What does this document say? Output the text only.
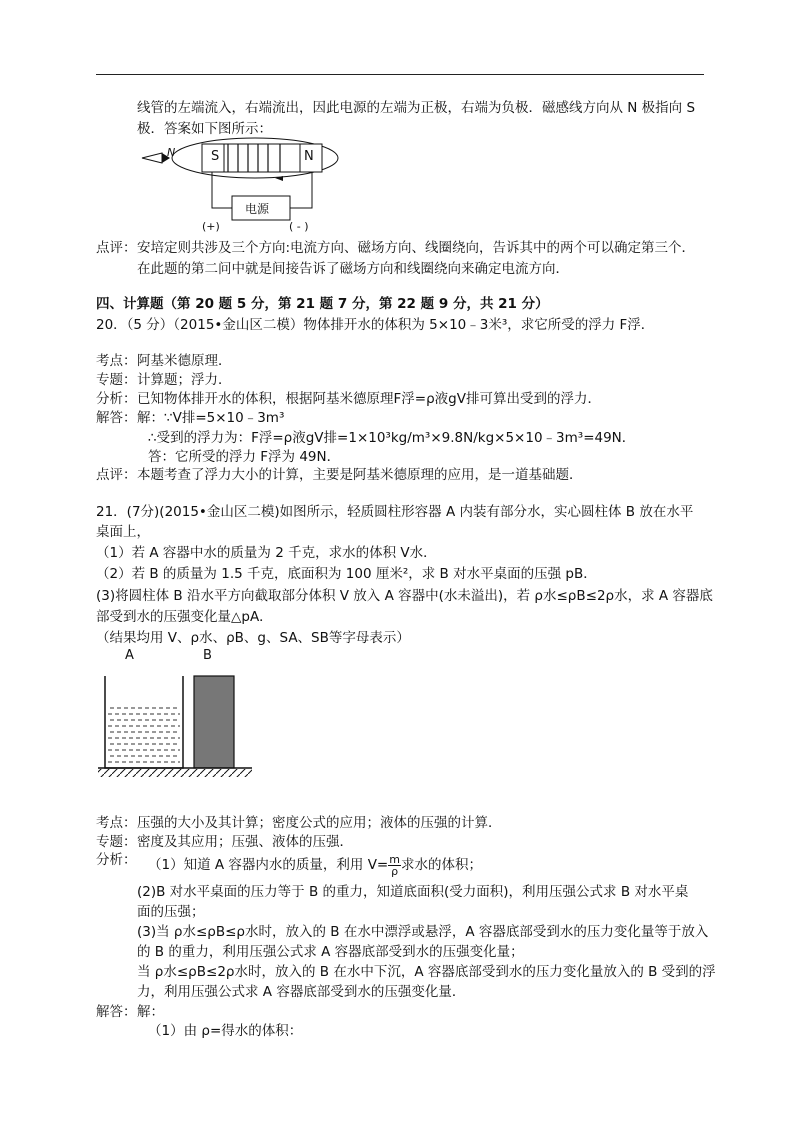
线管的左端流入，右端流出，因此电源的左端为正极，右端为负极．磁感线方向从 N 极指向 S
极．答案如下图所示：
N	S	N
电源
(+)	( - )
点评： 安培定则共涉及三个方向:电流方向、磁场方向、线圈绕向，告诉其中的两个可以确定第三个．
在此题的第二问中就是间接告诉了磁场方向和线圈绕向来确定电流方向．
四、计算题（第 20 题 5 分，第 21 题 7 分，第 22 题 9 分，共 21 分）
20．（5 分）（2015•金山区二模）物体排开水的体积为 5×10﹣3米³，求它所受的浮力 F浮．
考点： 阿基米德原理．
专题： 计算题；浮力．
分析： 已知物体排开水的体积，根据阿基米德原理F浮=ρ液gV排可算出受到的浮力．
解答： 解：∵V排=5×10﹣3m³
∴受到的浮力为：F浮=ρ液gV排=1×10³kg/m³×9.8N/kg×5×10﹣3m³=49N．
答：它所受的浮力 F浮为 49N．
点评： 本题考查了浮力大小的计算，主要是阿基米德原理的应用，是一道基础题．
21．(7分)(2015•金山区二模)如图所示，轻质圆柱形容器 A 内装有部分水，实心圆柱体 B 放在水平
桌面上，
（1）若 A 容器中水的质量为 2 千克，求水的体积 V水．
（2）若 B 的质量为 1.5 千克，底面积为 100 厘米²，求 B 对水平桌面的压强 pB．
(3)将圆柱体 B 沿水平方向截取部分体积 V 放入 A 容器中(水未溢出)，若 ρ水≤ρB≤2ρ水，求 A 容器底
部受到水的压强变化量△pA．
（结果均用 V、ρ水、ρB、g、SA、SB等字母表示）
A	B
考点： 压强的大小及其计算；密度公式的应用；液体的压强的计算．
专题： 密度及其应用；压强、液体的压强．
分析： （1）知道 A 容器内水的质量，利用 $V= \frac{m}{\rho}$ 求水的体积；
(2)B 对水平桌面的压力等于 B 的重力，知道底面积(受力面积)，利用压强公式求 B 对水平桌
面的压强；
(3)当 ρ水≤ρB≤ρ水时，放入的 B 在水中漂浮或悬浮，A 容器底部受到水的压力变化量等于放入
的 B 的重力，利用压强公式求 A 容器底部受到水的压强变化量；
当 ρ水≤ρB≤2ρ水时，放入的 B 在水中下沉，A 容器底部受到水的压力变化量放入的 B 受到的浮
力，利用压强公式求 A 容器底部受到水的压强变化量．
解答： 解：
（1）由 ρ=得水的体积：
